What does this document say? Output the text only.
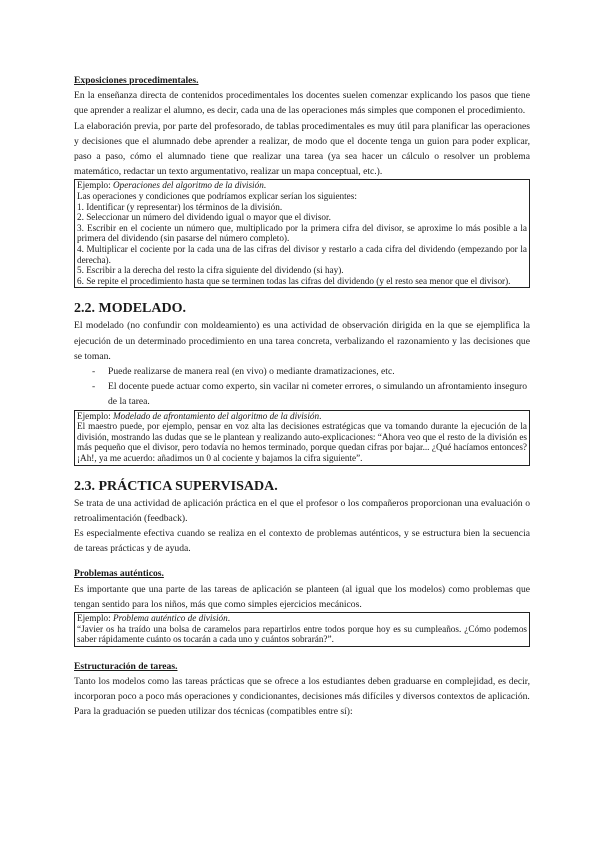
Exposiciones procedimentales.

En la enseñanza directa de contenidos procedimentales los docentes suelen comenzar explicando los pasos que tiene que aprender a realizar el alumno, es decir, cada una de las operaciones más simples que componen el procedimiento.

La elaboración previa, por parte del profesorado, de tablas procedimentales es muy útil para planificar las operaciones y decisiones que el alumnado debe aprender a realizar, de modo que el docente tenga un guion para poder explicar, paso a paso, cómo el alumnado tiene que realizar una tarea (ya sea hacer un cálculo o resolver un problema matemático, redactar un texto argumentativo, realizar un mapa conceptual, etc.).

Ejemplo: Operaciones del algoritmo de la división.

Las operaciones y condiciones que podríamos explicar serían los siguientes:

1. Identificar (y representar) los términos de la división.

2. Seleccionar un número del dividendo igual o mayor que el divisor.

3. Escribir en el cociente un número que, multiplicado por la primera cifra del divisor, se aproxime lo más posible a la primera del dividendo (sin pasarse del número completo).

4. Multiplicar el cociente por la cada una de las cifras del divisor y restarlo a cada cifra del dividendo (empezando por la derecha).

5. Escribir a la derecha del resto la cifra siguiente del dividendo (si hay).

6. Se repite el procedimiento hasta que se terminen todas las cifras del dividendo (y el resto sea menor que el divisor).

2.2. MODELADO.

El modelado (no confundir con moldeamiento) es una actividad de observación dirigida en la que se ejemplifica la ejecución de un determinado procedimiento en una tarea concreta, verbalizando el razonamiento y las decisiones que se toman.

- Puede realizarse de manera real (en vivo) o mediante dramatizaciones, etc.
- El docente puede actuar como experto, sin vacilar ni cometer errores, o simulando un afrontamiento inseguro de la tarea.

Ejemplo: Modelado de afrontamiento del algoritmo de la división.

El maestro puede, por ejemplo, pensar en voz alta las decisiones estratégicas que va tomando durante la ejecución de la división, mostrando las dudas que se le plantean y realizando auto-explicaciones: “Ahora veo que el resto de la división es más pequeño que el divisor, pero todavía no hemos terminado, porque quedan cifras por bajar... ¿Qué hacíamos entonces? ¡Ah!, ya me acuerdo: añadimos un 0 al cociente y bajamos la cifra siguiente”.

2.3. PRÁCTICA SUPERVISADA.

Se trata de una actividad de aplicación práctica en el que el profesor o los compañeros proporcionan una evaluación o retroalimentación (feedback).

Es especialmente efectiva cuando se realiza en el contexto de problemas auténticos, y se estructura bien la secuencia de tareas prácticas y de ayuda.

Problemas auténticos.

Es importante que una parte de las tareas de aplicación se planteen (al igual que los modelos) como problemas que tengan sentido para los niños, más que como simples ejercicios mecánicos.

Ejemplo: Problema auténtico de división.

“Javier os ha traído una bolsa de caramelos para repartirlos entre todos porque hoy es su cumpleaños. ¿Cómo podemos saber rápidamente cuánto os tocarán a cada uno y cuántos sobrarán?”.

Estructuración de tareas.

Tanto los modelos como las tareas prácticas que se ofrece a los estudiantes deben graduarse en complejidad, es decir, incorporan poco a poco más operaciones y condicionantes, decisiones más difíciles y diversos contextos de aplicación.

Para la graduación se pueden utilizar dos técnicas (compatibles entre sí):
